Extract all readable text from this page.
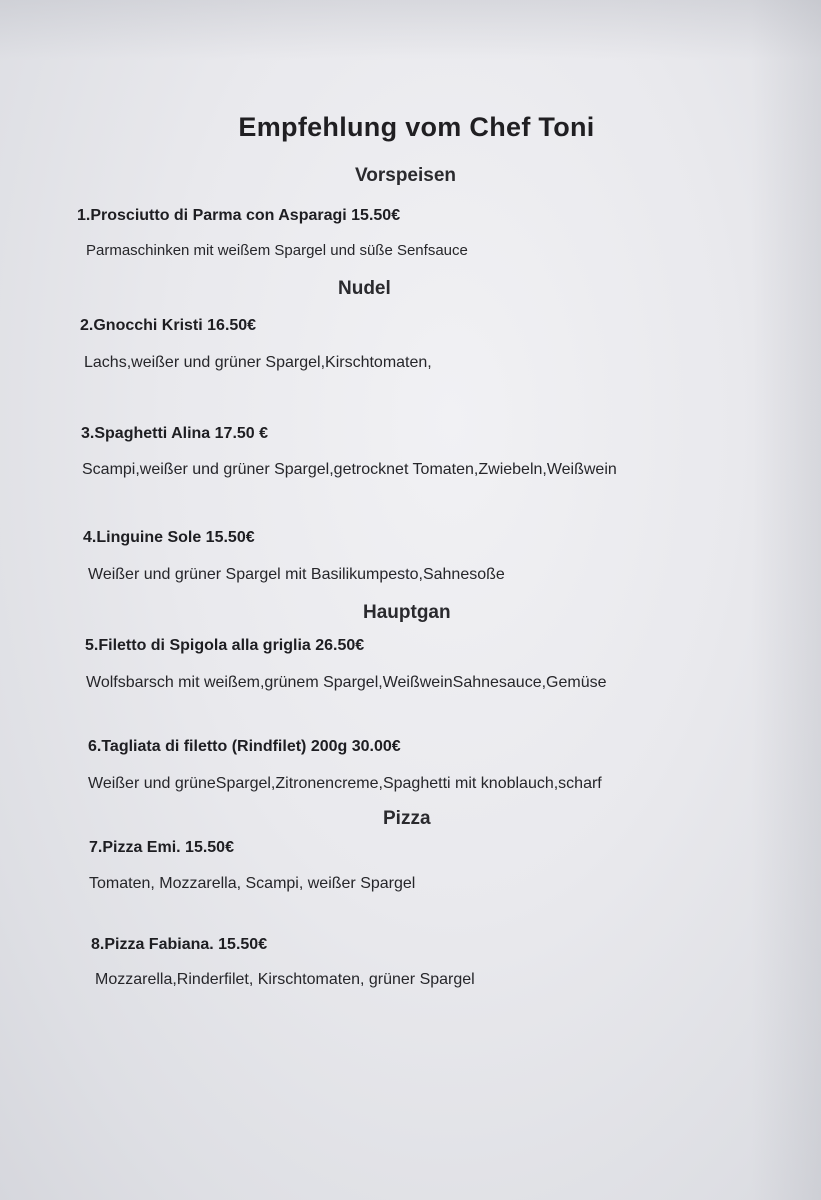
Empfehlung vom Chef Toni
Vorspeisen
1.Prosciutto di Parma con Asparagi 15.50€
Parmaschinken mit weißem Spargel und süße Senfsauce
Nudel
2.Gnocchi Kristi 16.50€
Lachs,weißer und grüner Spargel,Kirschtomaten,
3.Spaghetti Alina 17.50 €
Scampi,weißer und grüner Spargel,getrocknet Tomaten,Zwiebeln,Weißwein
4.Linguine Sole 15.50€
Weißer und grüner Spargel mit Basilikumpesto,Sahnesoße
Hauptgan
5.Filetto di Spigola alla griglia 26.50€
Wolfsbarsch mit weißem,grünem Spargel,WeißweinSahnesauce,Gemüse
6.Tagliata di filetto (Rindfilet) 200g 30.00€
Weißer und grüneSpargel,Zitronencreme,Spaghetti mit knoblauch,scharf
Pizza
7.Pizza Emi. 15.50€
Tomaten, Mozzarella, Scampi, weißer Spargel
8.Pizza Fabiana. 15.50€
Mozzarella,Rinderfilet, Kirschtomaten, grüner Spargel
